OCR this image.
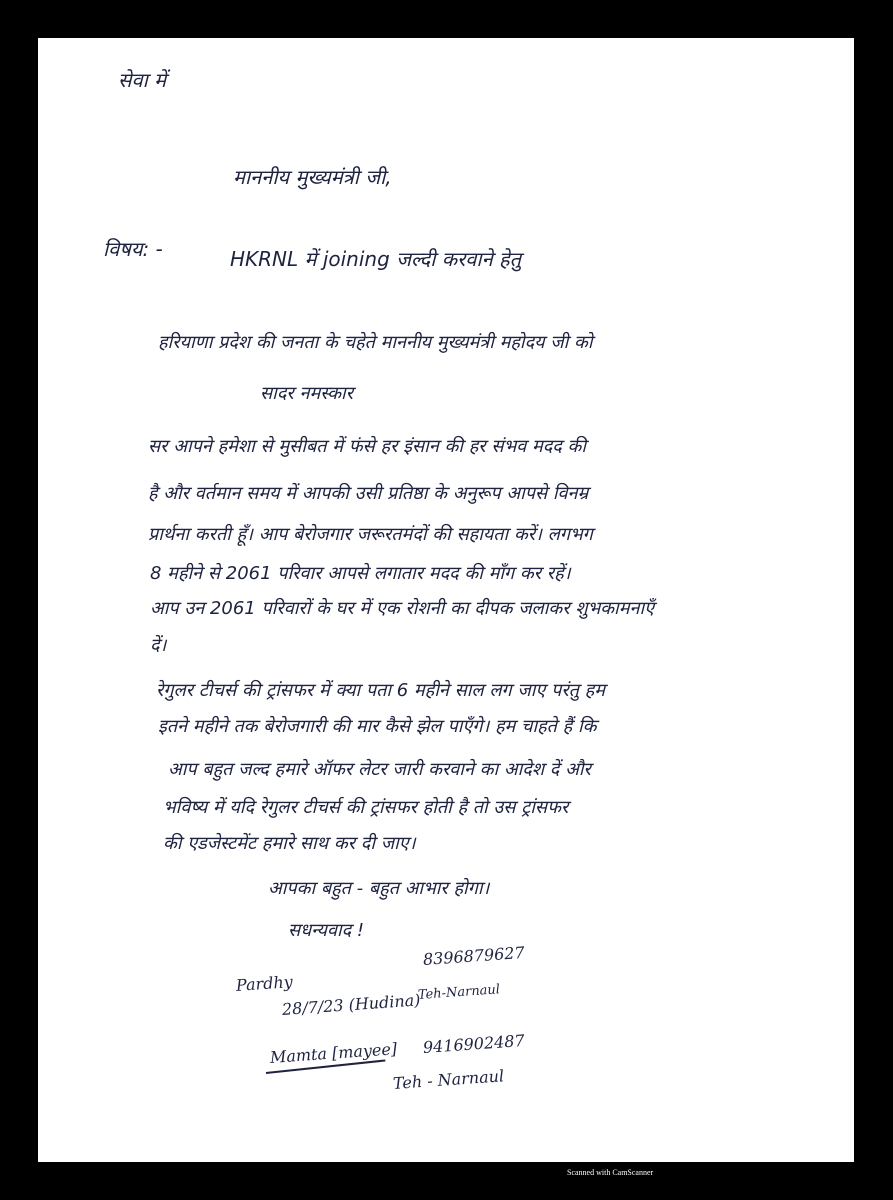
सेवा में
माननीय मुख्यमंत्री जी,
विषय: -	HKRNL में joining जल्दी करवाने हेतु
हरियाणा प्रदेश की जनता के चहेते माननीय मुख्यमंत्री महोदय जी को
सादर नमस्कार
सर आपने हमेशा से मुसीबत में फंसे हर इंसान की हर संभव मदद की
है और वर्तमान समय में आपकी उसी प्रतिष्ठा के अनुरूप आपसे विनम्र
प्रार्थना करती हूँ। आप बेरोजगार जरूरतमंदों की सहायता करें। लगभग
8 महीने से 2061 परिवार आपसे लगातार मदद की माँग कर रहें।
आप उन 2061 परिवारों के घर में एक रोशनी का दीपक जलाकर शुभकामनाएँ
दें।
रेगुलर टीचर्स की ट्रांसफर में क्या पता 6 महीने साल लग जाए परंतु हम
इतने महीने तक बेरोजगारी की मार कैसे झेल पाएँगे। हम चाहते हैं कि
आप बहुत जल्द हमारे ऑफर लेटर जारी करवाने का आदेश दें और
भविष्य में यदि रेगुलर टीचर्स की ट्रांसफर होती है तो उस ट्रांसफर
की एडजेस्टमेंट हमारे साथ कर दी जाए।
आपका बहुत - बहुत आभार होगा।
सधन्यवाद !
Pardhy
8396879627
28/7/23 (Hudina)
Teh-Narnaul
Mamta [mayee] 9416902487
Teh - Narnaul
Scanned with CamScanner
